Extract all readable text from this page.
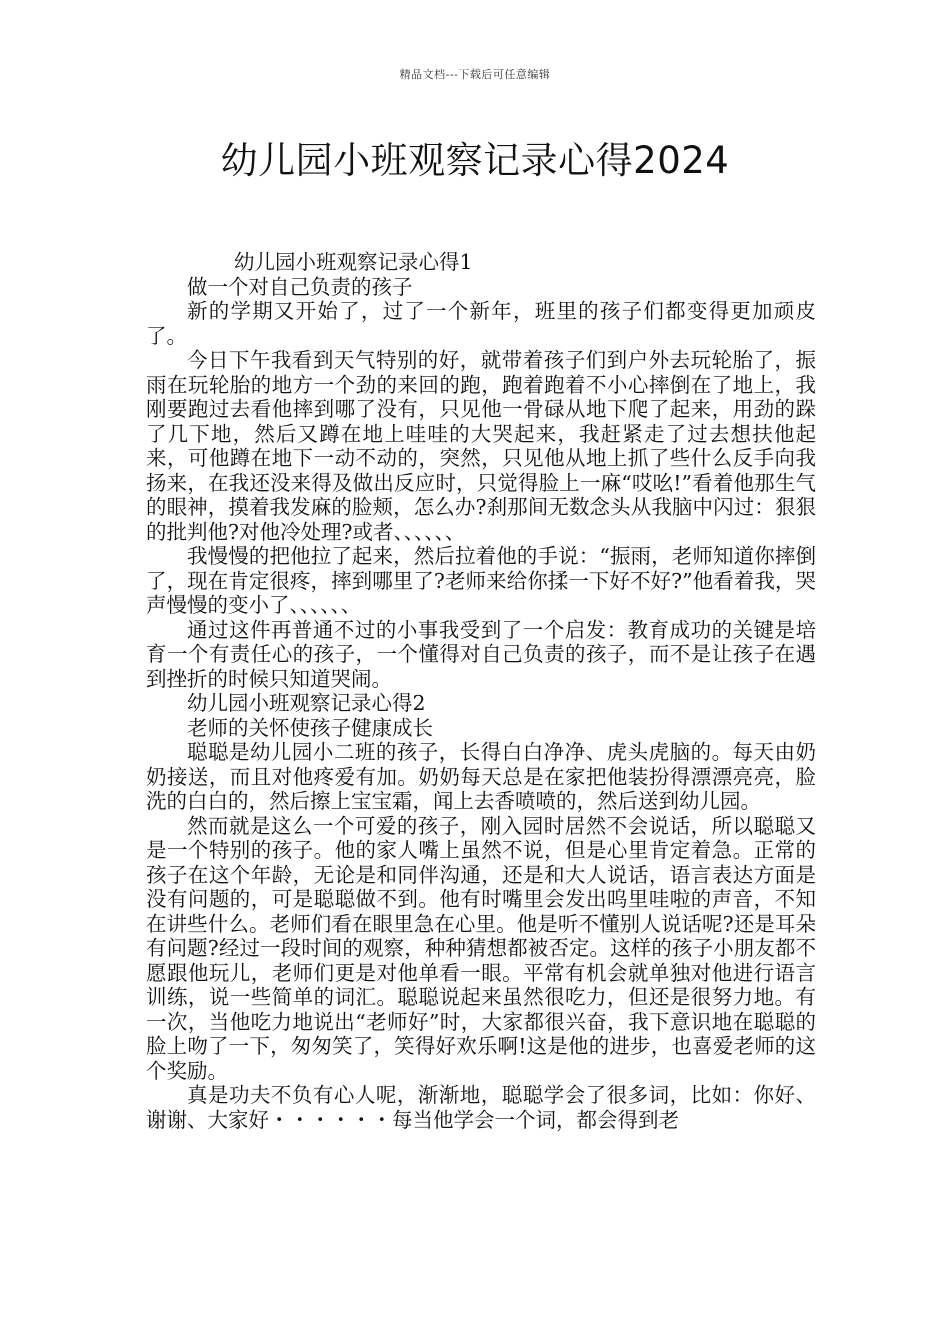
精品文档---下载后可任意编辑
幼儿园小班观察记录心得2024

幼儿园小班观察记录心得1

做一个对自己负责的孩子

新的学期又开始了，过了一个新年，班里的孩子们都变得更加顽皮了。

今日下午我看到天气特别的好，就带着孩子们到户外去玩轮胎了，振雨在玩轮胎的地方一个劲的来回的跑，跑着跑着不小心摔倒在了地上，我刚要跑过去看他摔到哪了没有，只见他一骨碌从地下爬了起来，用劲的跺了几下地，然后又蹲在地上哇哇的大哭起来，我赶紧走了过去想扶他起来，可他蹲在地下一动不动的，突然，只见他从地上抓了些什么反手向我扬来，在我还没来得及做出反应时，只觉得脸上一麻“哎吆!”看着他那生气的眼神，摸着我发麻的脸颊，怎么办?刹那间无数念头从我脑中闪过：狠狠的批判他?对他冷处理?或者、、、、、、

我慢慢的把他拉了起来，然后拉着他的手说：“振雨，老师知道你摔倒了，现在肯定很疼，摔到哪里了?老师来给你揉一下好不好?”他看着我，哭声慢慢的变小了、、、、、、

通过这件再普通不过的小事我受到了一个启发：教育成功的关键是培育一个有责任心的孩子，一个懂得对自己负责的孩子，而不是让孩子在遇到挫折的时候只知道哭闹。

幼儿园小班观察记录心得2

老师的关怀使孩子健康成长

聪聪是幼儿园小二班的孩子，长得白白净净、虎头虎脑的。每天由奶奶接送，而且对他疼爱有加。奶奶每天总是在家把他装扮得漂漂亮亮，脸洗的白白的，然后擦上宝宝霜，闻上去香喷喷的，然后送到幼儿园。

然而就是这么一个可爱的孩子，刚入园时居然不会说话，所以聪聪又是一个特别的孩子。他的家人嘴上虽然不说，但是心里肯定着急。正常的孩子在这个年龄，无论是和同伴沟通，还是和大人说话，语言表达方面是没有问题的，可是聪聪做不到。他有时嘴里会发出呜里哇啦的声音，不知在讲些什么。老师们看在眼里急在心里。他是听不懂别人说话呢?还是耳朵有问题?经过一段时间的观察，种种猜想都被否定。这样的孩子小朋友都不愿跟他玩儿，老师们更是对他单看一眼。平常有机会就单独对他进行语言训练，说一些简单的词汇。聪聪说起来虽然很吃力，但还是很努力地。有一次，当他吃力地说出“老师好”时，大家都很兴奋，我下意识地在聪聪的脸上吻了一下，匆匆笑了，笑得好欢乐啊!这是他的进步，也喜爱老师的这个奖励。

真是功夫不负有心人呢，渐渐地，聪聪学会了很多词，比如：你好、谢谢、大家好・・・・・・每当他学会一个词，都会得到老
